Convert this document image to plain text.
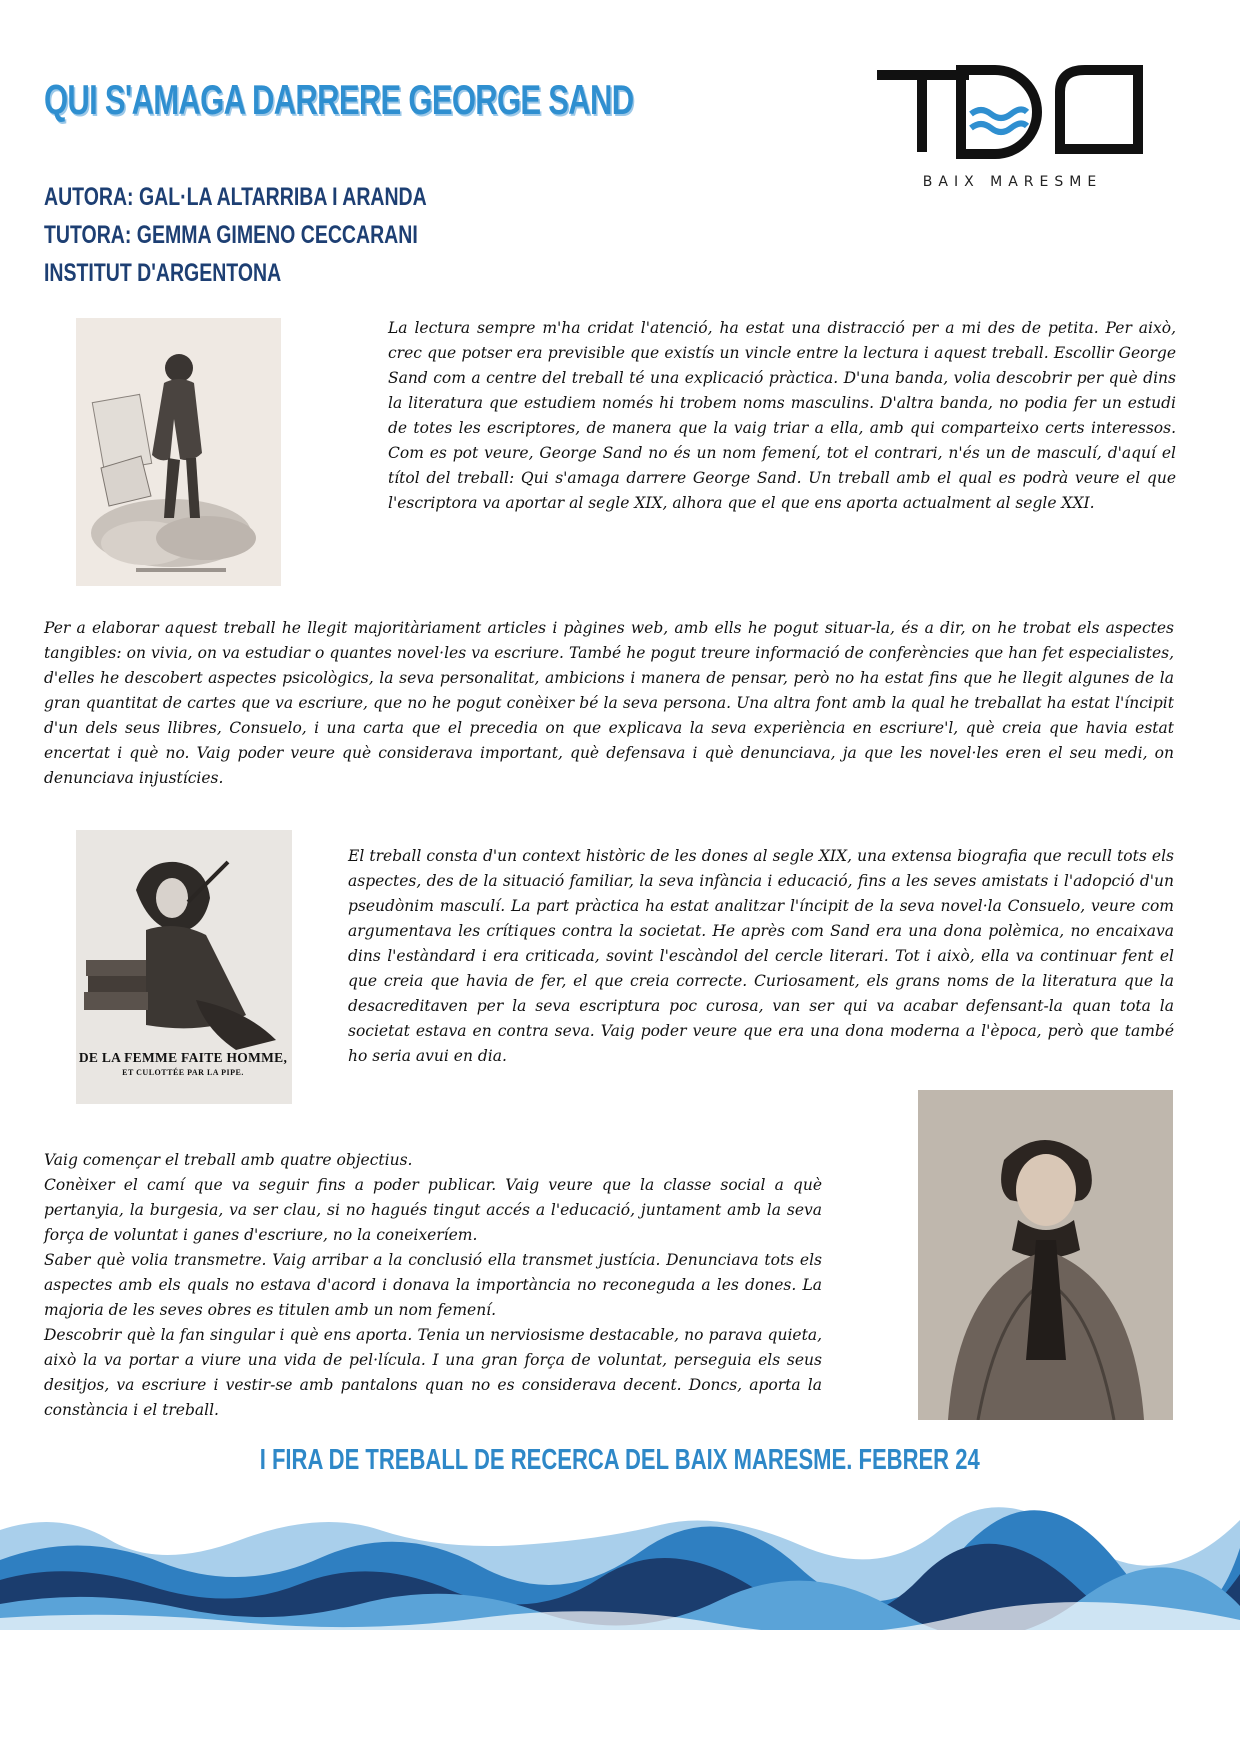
QUI S'AMAGA DARRERE GEORGE SAND
AUTORA: GAL·LA ALTARRIBA I ARANDA
TUTORA: GEMMA GIMENO CECCARANI
INSTITUT D'ARGENTONA
BAIX MARESME

La lectura sempre m'ha cridat l'atenció, ha estat una distracció per a mi des de petita. Per això, crec que potser era previsible que existís un vincle entre la lectura i aquest treball. Escollir George Sand com a centre del treball té una explicació pràctica. D'una banda, volia descobrir per què dins la literatura que estudiem només hi trobem noms masculins. D'altra banda, no podia fer un estudi de totes les escriptores, de manera que la vaig triar a ella, amb qui comparteixo certs interessos. Com es pot veure, George Sand no és un nom femení, tot el contrari, n'és un de masculí, d'aquí el títol del treball: Qui s'amaga darrere George Sand. Un treball amb el qual es podrà veure el que l'escriptora va aportar al segle XIX, alhora que el que ens aporta actualment al segle XXI.

Per a elaborar aquest treball he llegit majoritàriament articles i pàgines web, amb ells he pogut situar-la, és a dir, on he trobat els aspectes tangibles: on vivia, on va estudiar o quantes novel·les va escriure. També he pogut treure informació de conferències que han fet especialistes, d'elles he descobert aspectes psicològics, la seva personalitat, ambicions i manera de pensar, però no ha estat fins que he llegit algunes de la gran quantitat de cartes que va escriure, que no he pogut conèixer bé la seva persona. Una altra font amb la qual he treballat ha estat l'íncipit d'un dels seus llibres, Consuelo, i una carta que el precedia on que explicava la seva experiència en escriure'l, què creia que havia estat encertat i què no. Vaig poder veure què considerava important, què defensava i què denunciava, ja que les novel·les eren el seu medi, on denunciava injustícies.

DE LA FEMME FAITE HOMME,
ET CULOTTÉE PAR LA PIPE.

El treball consta d'un context històric de les dones al segle XIX, una extensa biografia que recull tots els aspectes, des de la situació familiar, la seva infància i educació, fins a les seves amistats i l'adopció d'un pseudònim masculí. La part pràctica ha estat analitzar l'íncipit de la seva novel·la Consuelo, veure com argumentava les crítiques contra la societat. He après com Sand era una dona polèmica, no encaixava dins l'estàndard i era criticada, sovint l'escàndol del cercle literari. Tot i això, ella va continuar fent el que creia que havia de fer, el que creia correcte. Curiosament, els grans noms de la literatura que la desacreditaven per la seva escriptura poc curosa, van ser qui va acabar defensant-la quan tota la societat estava en contra seva. Vaig poder veure que era una dona moderna a l'època, però que també ho seria avui en dia.

Vaig començar el treball amb quatre objectius.

Conèixer el camí que va seguir fins a poder publicar. Vaig veure que la classe social a què pertanyia, la burgesia, va ser clau, si no hagués tingut accés a l'educació, juntament amb la seva força de voluntat i ganes d'escriure, no la coneixeríem.

Saber què volia transmetre. Vaig arribar a la conclusió ella transmet justícia. Denunciava tots els aspectes amb els quals no estava d'acord i donava la importància no reconeguda a les dones. La majoria de les seves obres es titulen amb un nom femení.

Descobrir què la fan singular i què ens aporta. Tenia un nerviosisme destacable, no parava quieta, això la va portar a viure una vida de pel·lícula. I una gran força de voluntat, perseguia els seus desitjos, va escriure i vestir-se amb pantalons quan no es considerava decent. Doncs, aporta la constància i el treball.

I FIRA DE TREBALL DE RECERCA DEL BAIX MARESME. FEBRER 24
